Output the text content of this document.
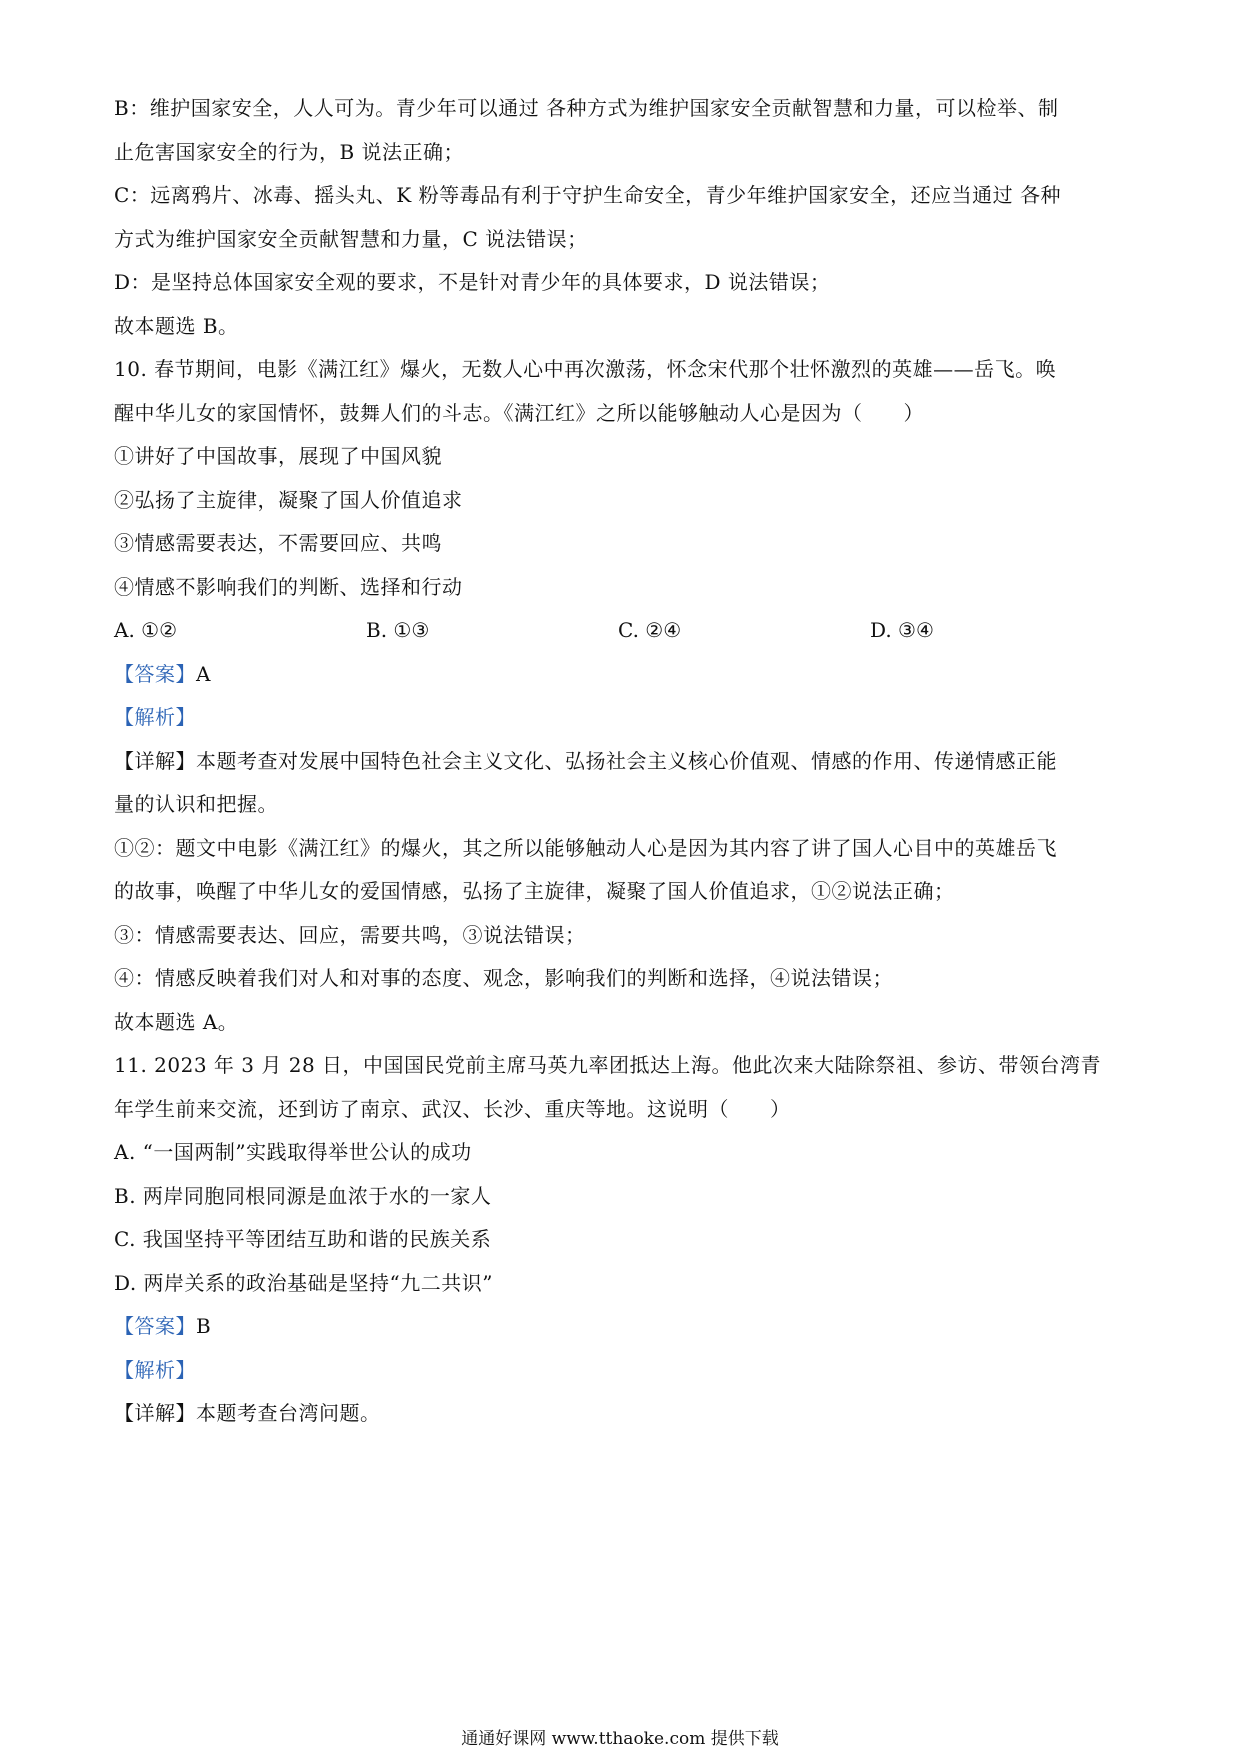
B：维护国家安全，人人可为。青少年可以通过 各种方式为维护国家安全贡献智慧和力量，可以检举、制
止危害国家安全的行为，B 说法正确；
C：远离鸦片、冰毒、摇头丸、K 粉等毒品有利于守护生命安全，青少年维护国家安全，还应当通过 各种
方式为维护国家安全贡献智慧和力量，C 说法错误；
D：是坚持总体国家安全观的要求，不是针对青少年的具体要求，D 说法错误；
故本题选 B。
10. 春节期间，电影《满江红》爆火，无数人心中再次激荡，怀念宋代那个壮怀激烈的英雄——岳飞。唤
醒中华儿女的家国情怀，鼓舞人们的斗志。《满江红》之所以能够触动人心是因为（　　）
①讲好了中国故事，展现了中国风貌
②弘扬了主旋律，凝聚了国人价值追求
③情感需要表达，不需要回应、共鸣
④情感不影响我们的判断、选择和行动
A. ①②	B. ①③	C. ②④	D. ③④
【答案】A
【解析】
【详解】本题考查对发展中国特色社会主义文化、弘扬社会主义核心价值观、情感的作用、传递情感正能
量的认识和把握。
①②：题文中电影《满江红》的爆火，其之所以能够触动人心是因为其内容了讲了国人心目中的英雄岳飞
的故事，唤醒了中华儿女的爱国情感，弘扬了主旋律，凝聚了国人价值追求，①②说法正确；
③：情感需要表达、回应，需要共鸣，③说法错误；
④：情感反映着我们对人和对事的态度、观念，影响我们的判断和选择，④说法错误；
故本题选 A。
11. 2023 年 3 月 28 日，中国国民党前主席马英九率团抵达上海。他此次来大陆除祭祖、参访、带领台湾青
年学生前来交流，还到访了南京、武汉、长沙、重庆等地。这说明（　　）
A. “一国两制”实践取得举世公认的成功
B. 两岸同胞同根同源是血浓于水的一家人
C. 我国坚持平等团结互助和谐的民族关系
D. 两岸关系的政治基础是坚持“九二共识”
【答案】B
【解析】
【详解】本题考查台湾问题。
通通好课网 www.tthaoke.com 提供下载
